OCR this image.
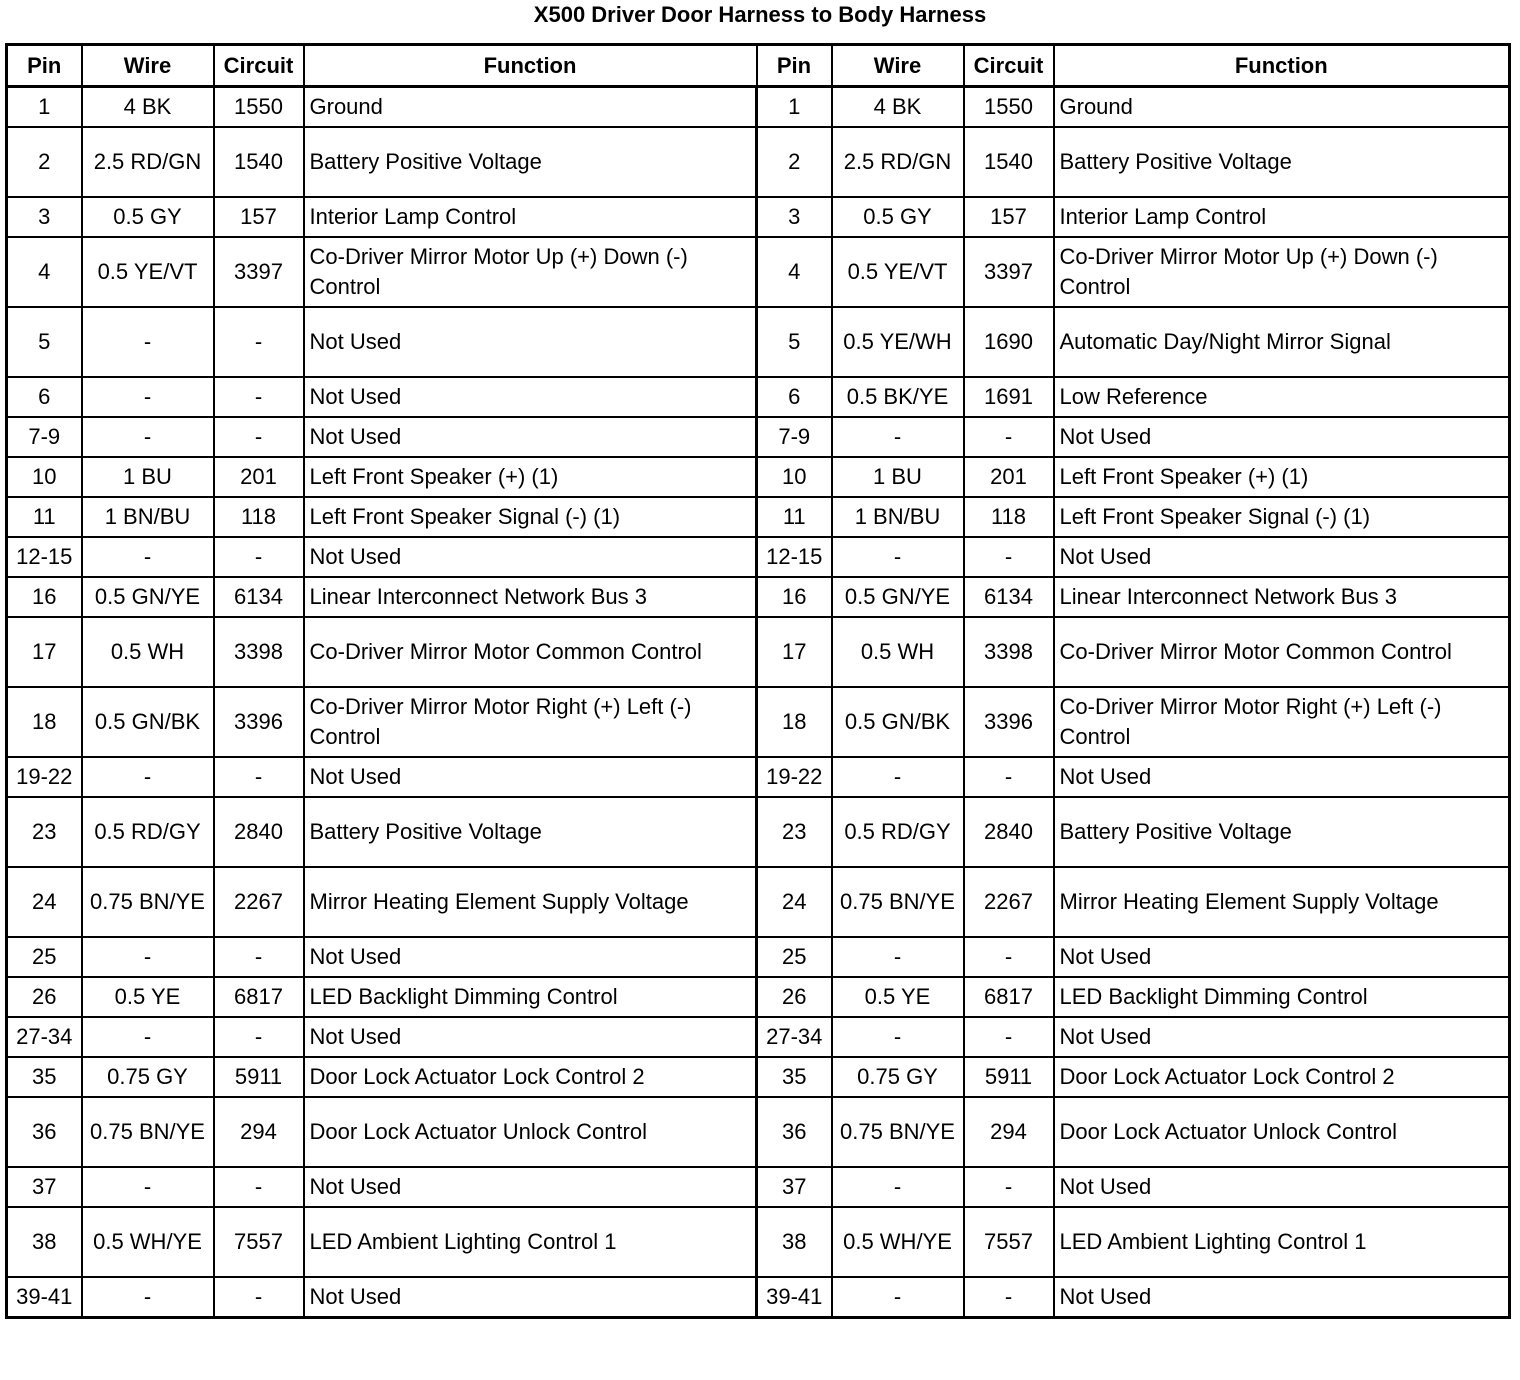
X500 Driver Door Harness to Body Harness
Pin	Wire	Circuit	Function	Pin	Wire	Circuit	Function
1	4 BK	1550	Ground	1	4 BK	1550	Ground
2	2.5 RD/GN	1540	Battery Positive Voltage	2	2.5 RD/GN	1540	Battery Positive Voltage
3	0.5 GY	157	Interior Lamp Control	3	0.5 GY	157	Interior Lamp Control
4	0.5 YE/VT	3397	Co-Driver Mirror Motor Up (+) Down (-) Control	4	0.5 YE/VT	3397	Co-Driver Mirror Motor Up (+) Down (-) Control
5	-	-	Not Used	5	0.5 YE/WH	1690	Automatic Day/Night Mirror Signal
6	-	-	Not Used	6	0.5 BK/YE	1691	Low Reference
7-9	-	-	Not Used	7-9	-	-	Not Used
10	1 BU	201	Left Front Speaker (+) (1)	10	1 BU	201	Left Front Speaker (+) (1)
11	1 BN/BU	118	Left Front Speaker Signal (-) (1)	11	1 BN/BU	118	Left Front Speaker Signal (-) (1)
12-15	-	-	Not Used	12-15	-	-	Not Used
16	0.5 GN/YE	6134	Linear Interconnect Network Bus 3	16	0.5 GN/YE	6134	Linear Interconnect Network Bus 3
17	0.5 WH	3398	Co-Driver Mirror Motor Common Control	17	0.5 WH	3398	Co-Driver Mirror Motor Common Control
18	0.5 GN/BK	3396	Co-Driver Mirror Motor Right (+) Left (-) Control	18	0.5 GN/BK	3396	Co-Driver Mirror Motor Right (+) Left (-) Control
19-22	-	-	Not Used	19-22	-	-	Not Used
23	0.5 RD/GY	2840	Battery Positive Voltage	23	0.5 RD/GY	2840	Battery Positive Voltage
24	0.75 BN/YE	2267	Mirror Heating Element Supply Voltage	24	0.75 BN/YE	2267	Mirror Heating Element Supply Voltage
25	-	-	Not Used	25	-	-	Not Used
26	0.5 YE	6817	LED Backlight Dimming Control	26	0.5 YE	6817	LED Backlight Dimming Control
27-34	-	-	Not Used	27-34	-	-	Not Used
35	0.75 GY	5911	Door Lock Actuator Lock Control 2	35	0.75 GY	5911	Door Lock Actuator Lock Control 2
36	0.75 BN/YE	294	Door Lock Actuator Unlock Control	36	0.75 BN/YE	294	Door Lock Actuator Unlock Control
37	-	-	Not Used	37	-	-	Not Used
38	0.5 WH/YE	7557	LED Ambient Lighting Control 1	38	0.5 WH/YE	7557	LED Ambient Lighting Control 1
39-41	-	-	Not Used	39-41	-	-	Not Used
